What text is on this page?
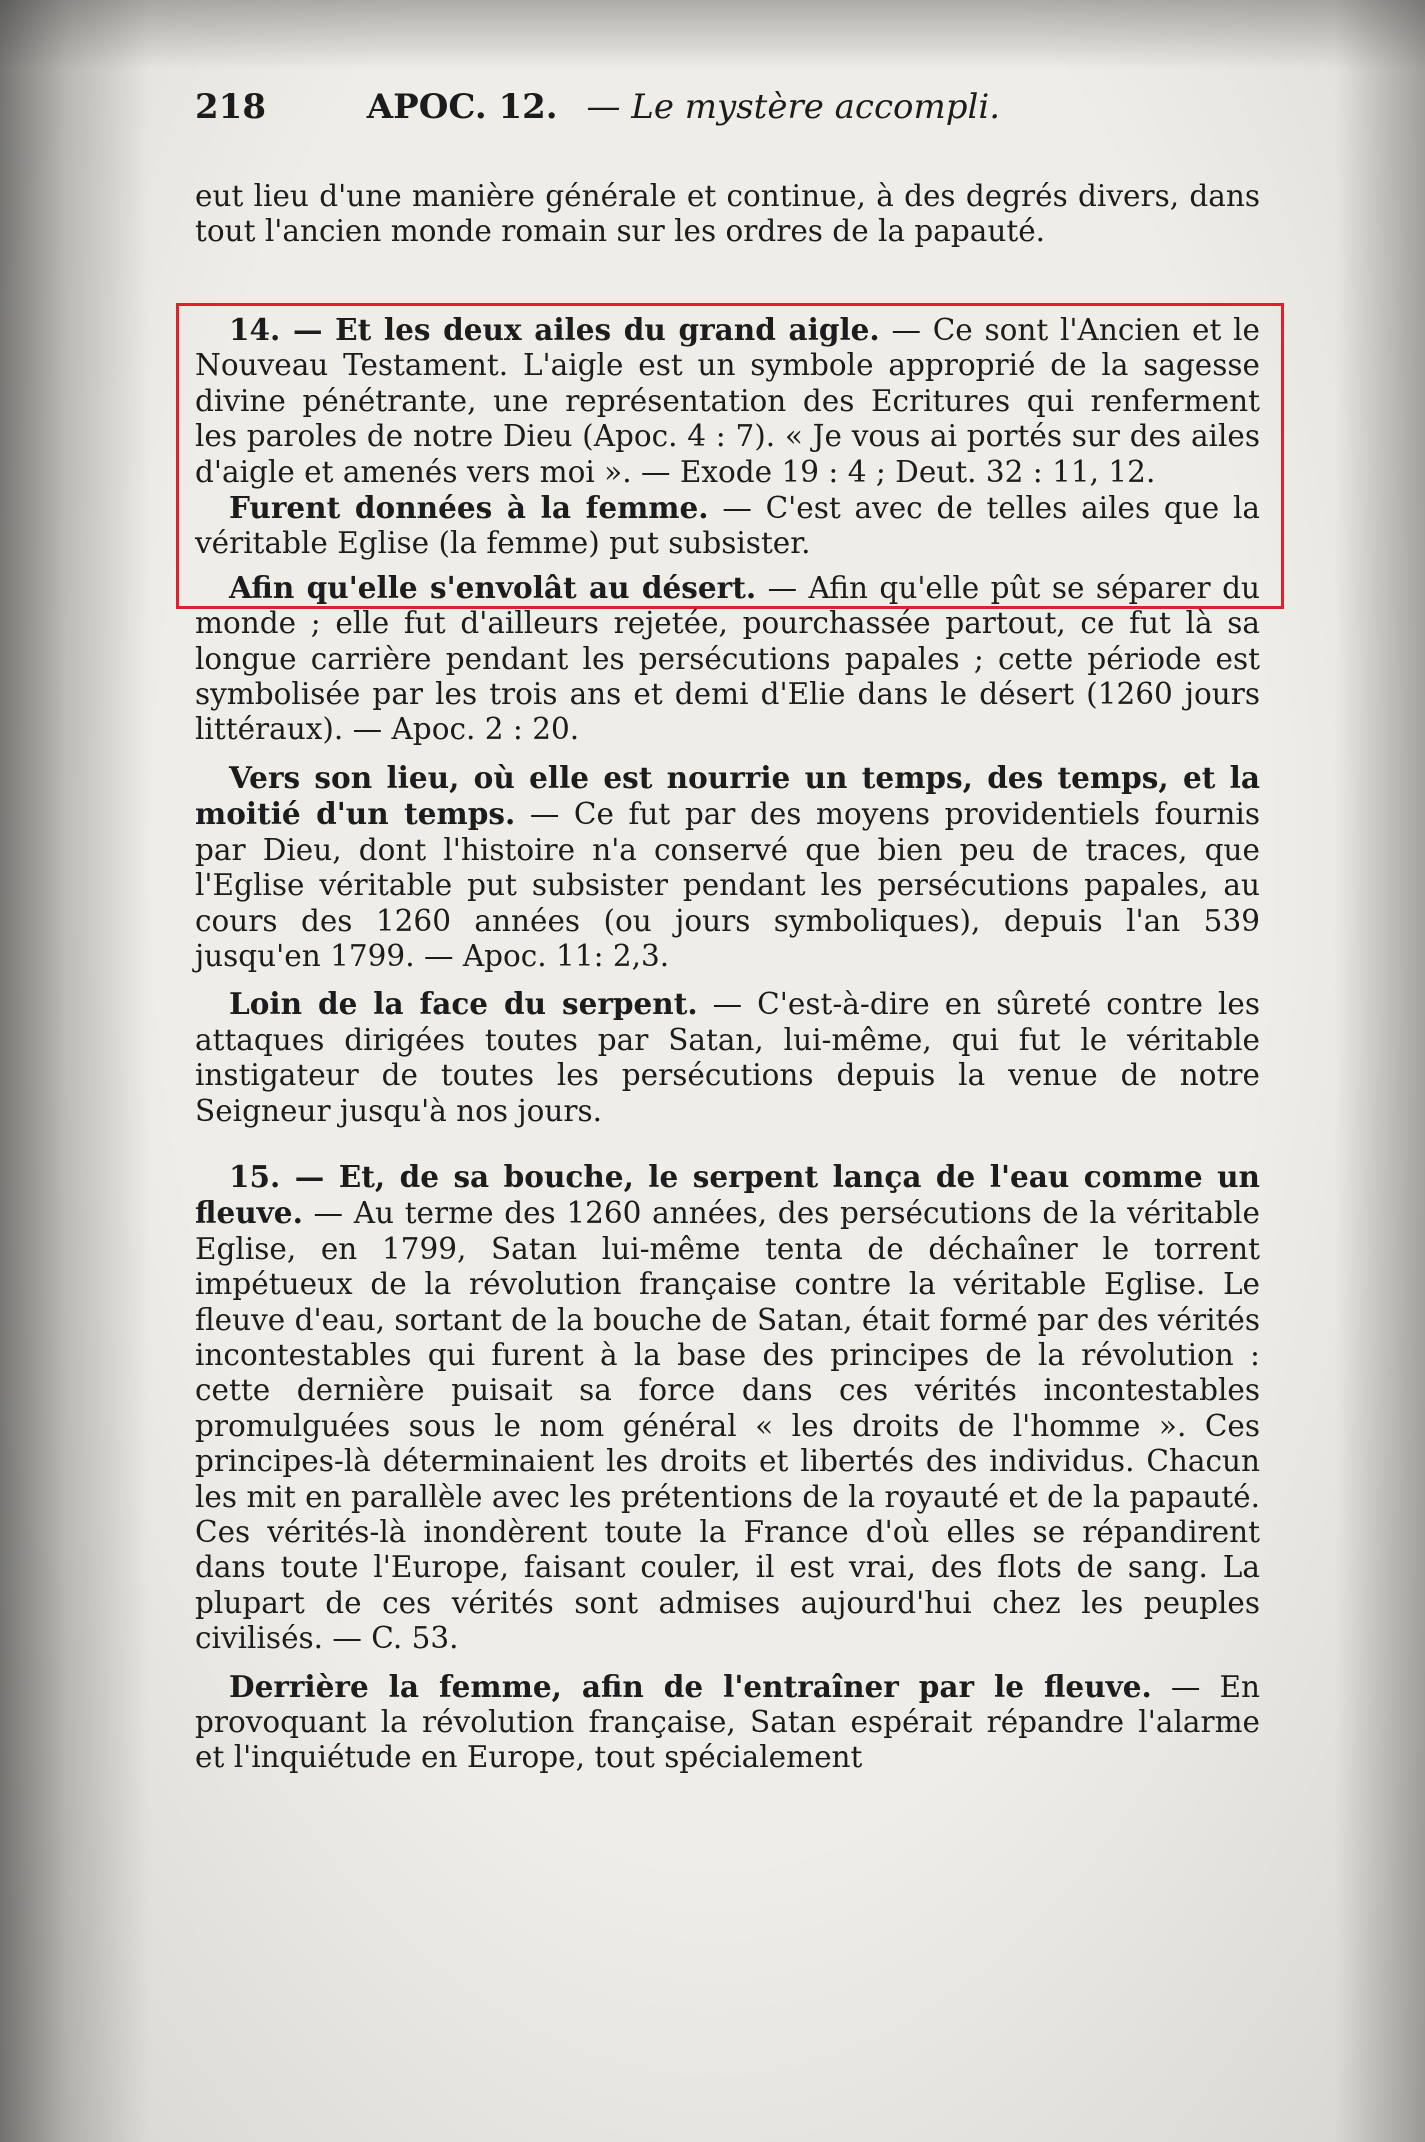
218	APOC. 12. — Le mystère accompli.

eut lieu d'une manière générale et continue, à des degrés divers, dans tout l'ancien monde romain sur les ordres de la papauté.

14. — Et les deux ailes du grand aigle. — Ce sont l'Ancien et le Nouveau Testament. L'aigle est un symbole approprié de la sagesse divine pénétrante, une représentation des Ecritures qui renferment les paroles de notre Dieu (Apoc. 4 : 7). « Je vous ai portés sur des ailes d'aigle et amenés vers moi ». — Exode 19 : 4 ; Deut. 32 : 11, 12.

Furent données à la femme. — C'est avec de telles ailes que la véritable Eglise (la femme) put subsister.

Afin qu'elle s'envolât au désert. — Afin qu'elle pût se séparer du monde ; elle fut d'ailleurs rejetée, pourchassée partout, ce fut là sa longue carrière pendant les persécutions papales ; cette période est symbolisée par les trois ans et demi d'Elie dans le désert (1260 jours littéraux). — Apoc. 2 : 20.

Vers son lieu, où elle est nourrie un temps, des temps, et la moitié d'un temps. — Ce fut par des moyens providentiels fournis par Dieu, dont l'histoire n'a conservé que bien peu de traces, que l'Eglise véritable put subsister pendant les persécutions papales, au cours des 1260 années (ou jours symboliques), depuis l'an 539 jusqu'en 1799. — Apoc. 11: 2,3.

Loin de la face du serpent. — C'est-à-dire en sûreté contre les attaques dirigées toutes par Satan, lui-même, qui fut le véritable instigateur de toutes les persécutions depuis la venue de notre Seigneur jusqu'à nos jours.

15. — Et, de sa bouche, le serpent lança de l'eau comme un fleuve. — Au terme des 1260 années, des persécutions de la véritable Eglise, en 1799, Satan lui-même tenta de déchaîner le torrent impétueux de la révolution française contre la véritable Eglise. Le fleuve d'eau, sortant de la bouche de Satan, était formé par des vérités incontestables qui furent à la base des principes de la révolution : cette dernière puisait sa force dans ces vérités incontestables promulguées sous le nom général « les droits de l'homme ». Ces principes-là déterminaient les droits et libertés des individus. Chacun les mit en parallèle avec les prétentions de la royauté et de la papauté. Ces vérités-là inondèrent toute la France d'où elles se répandirent dans toute l'Europe, faisant couler, il est vrai, des flots de sang. La plupart de ces vérités sont admises aujourd'hui chez les peuples civilisés. — C. 53.

Derrière la femme, afin de l'entraîner par le fleuve. — En provoquant la révolution française, Satan espérait répandre l'alarme et l'inquiétude en Europe, tout spécialement
